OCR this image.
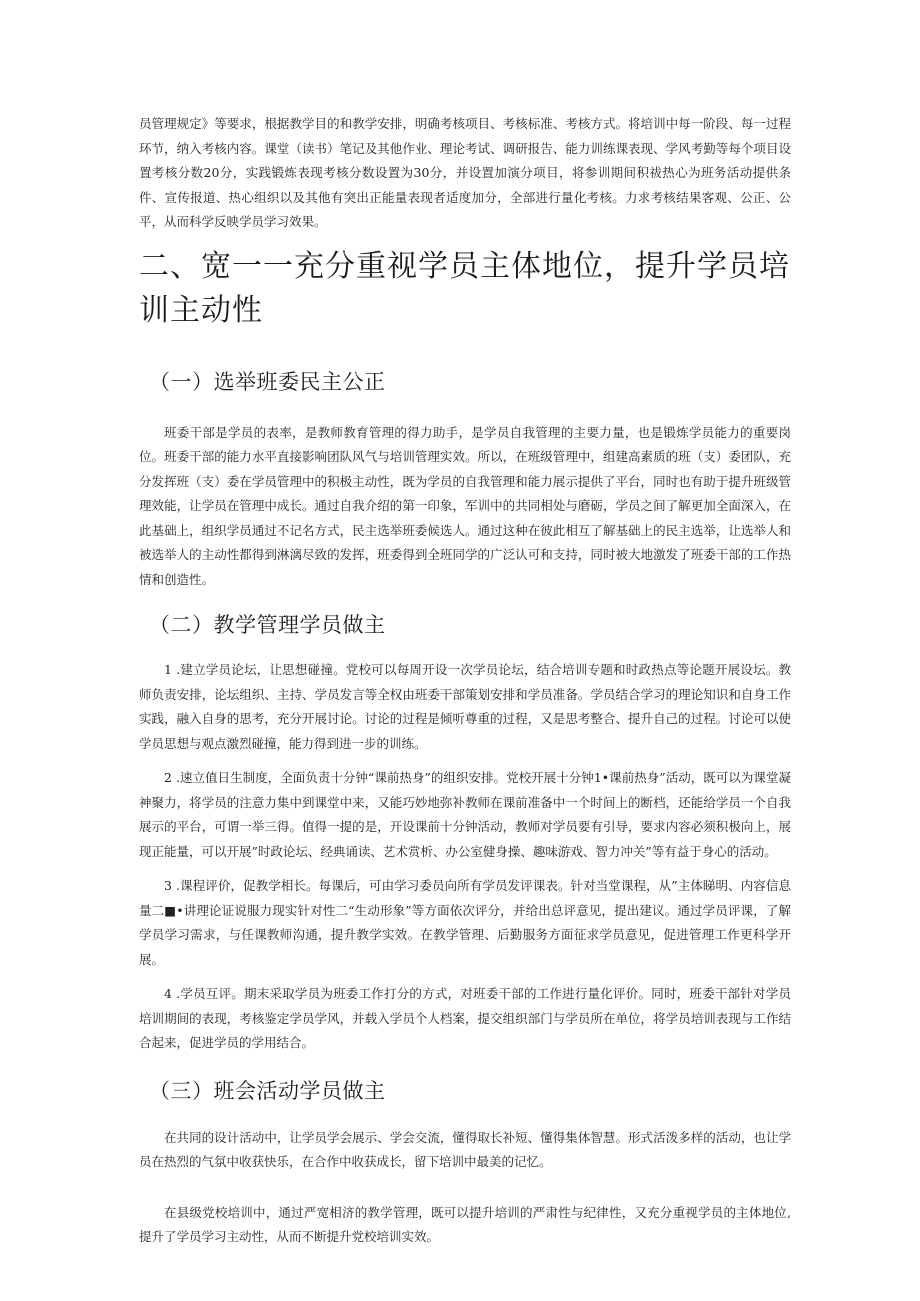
员管理规定》等要求，根据教学目的和教学安排，明确考核项目、考核标准、考核方式。将培训中每一阶段、每一过程环节，纳入考核内容。课堂（读书）笔记及其他作业、理论考试、调研报告、能力训练课表现、学风考勤等每个项目设置考核分数20分，实践锻炼表现考核分数设置为30分，并设置加演分项目，将参训期间积祓热心为班务活动提供条件、宣传报道、热心组织以及其他有突出正能量表现者适度加分，全部进行量化考核。力求考核结果客观、公正、公平，从而科学反映学员学习效果。

二、宽一一充分重视学员主体地位，提升学员培训主动性
（一）选举班委民主公正

班委干部是学员的表率，是教师教育管理的得力助手，是学员自我管理的主要力量，也是锻炼学员能力的重要岗位。班委干部的能力水平直接影响团队风气与培训管理实效。所以，在班级管理中，组建高素质的班（支）委团队，充分发挥班（支）委在学员管理中的积极主动性，既为学员的自我管理和能力展示提供了平台，同时也有助于提升班级管理效能，让学员在管理中成长。通过自我介绍的第一印象，军训中的共同相处与磨砺，学员之间了解更加全面深入，在此基础上，组织学员通过不记名方式，民主选举班委候选人。通过这种在彼此相互了解基础上的民主选举，让选举人和被选举人的主动性都得到淋漓尽致的发挥，班委得到全班同学的广泛认可和支持，同时被大地激发了班委干部的工作热情和创造性。

（二）教学管理学员做主

1 .建立学员论坛，让思想碰撞。党校可以每周开设一次学员论坛，结合培训专题和时政热点等论题开展设坛。教师负责安排，论坛组织、主持、学员发言等全权由班委干部策划安排和学员准备。学员结合学习的理论知识和自身工作实践，融入自身的思考，充分开展讨论。讨论的过程是倾听尊重的过程，又是思考整合、提升自己的过程。讨论可以使学员思想与观点激烈碰撞，能力得到进一步的训练。

2 .速立值日生制度，全面负责十分钟“课前热身”的组织安排。党校开展十分钟1•课前热身”活动，既可以为课堂凝神聚力，将学员的注意力集中到课堂中来，又能巧妙地弥补教师在课前准备中一个时间上的断档，还能给学员一个自我展示的平台，可谓一举三得。值得一提的是，开设课前十分钟活动，教师对学员要有引导，要求内容必须积极向上，展现正能量，可以开展”时政论坛、经典诵读、艺术赏析、办公室健身操、趣味游戏、智力冲关”等有益于身心的活动。

3 .课程评价，促教学相长。每课后，可由学习委员向所有学员发评课表。针对当堂课程，从”主体睇明、内容信息量二■•讲理论证说服力现实针对性二“生动形象”等方面依次评分，并给出总评意见，提出建议。通过学员评课，了解学员学习需求，与任课教师沟通，提升教学实效。在教学管理、后勤服务方面征求学员意见，促进管理工作更科学开展。

4 .学员互评。期末采取学员为班委工作打分的方式，对班委干部的工作进行量化评价。同时，班委干部针对学员培训期间的表现，考核鉴定学员学风，并载入学员个人档案，提交组织部门与学员所在单位，将学员培训表现与工作结合起来，促进学员的学用结合。

（三）班会活动学员做主

在共同的设计活动中，让学员学会展示、学会交流，懂得取长补短、懂得集体智慧。形式活泼多样的活动，也让学员在热烈的气氛中收获快乐，在合作中收获成长，留下培训中最美的记忆。

在县级党校培训中，通过严宽相济的教学管理，既可以提升培训的严肃性与纪律性，又充分重视学员的主体地位,提升了学员学习主动性，从而不断提升党校培训实效。
